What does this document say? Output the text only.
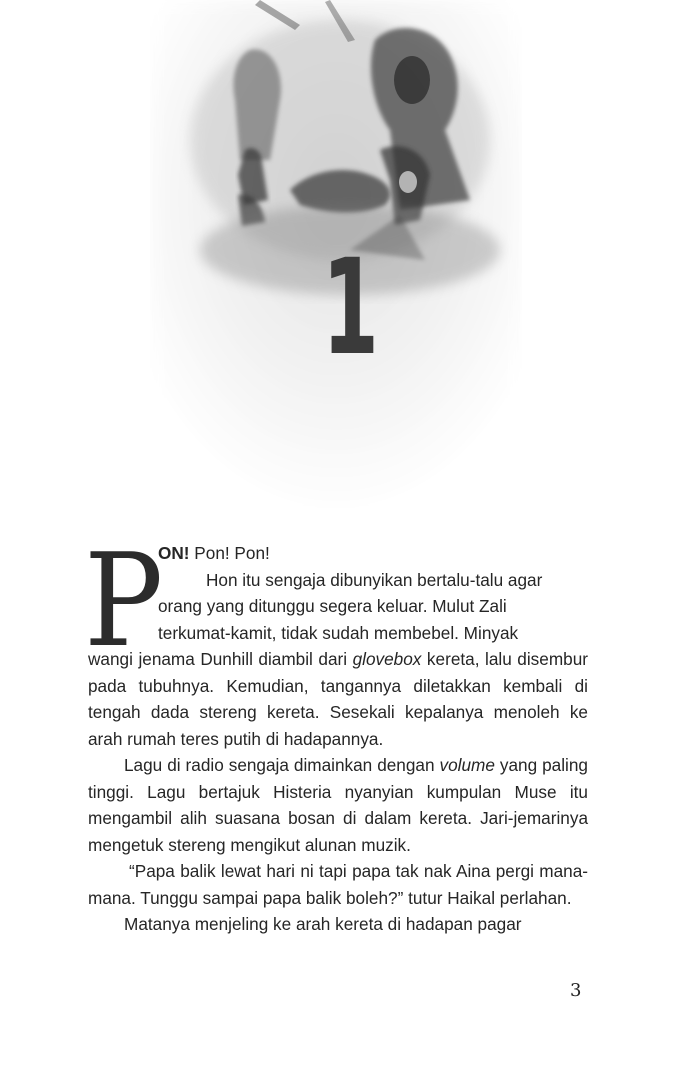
1
P
ON! Pon! Pon!

Hon itu sengaja dibunyikan bertalu-talu agar

orang yang ditunggu segera keluar. Mulut Zali

terkumat-kamit, tidak sudah membebel. Minyak

wangi jenama Dunhill diambil dari glovebox kereta, lalu disembur pada tubuhnya. Kemudian, tangannya diletakkan kembali di tengah dada stereng kereta. Sesekali kepalanya menoleh ke arah rumah teres putih di hadapannya.

Lagu di radio sengaja dimainkan dengan volume yang paling tinggi. Lagu bertajuk Histeria nyanyian kumpulan Muse itu mengambil alih suasana bosan di dalam kereta. Jari-jemarinya mengetuk stereng mengikut alunan muzik.

“Papa balik lewat hari ni tapi papa tak nak Aina pergi mana-mana. Tunggu sampai papa balik boleh?” tutur Haikal perlahan.

Matanya menjeling ke arah kereta di hadapan pagar

3
